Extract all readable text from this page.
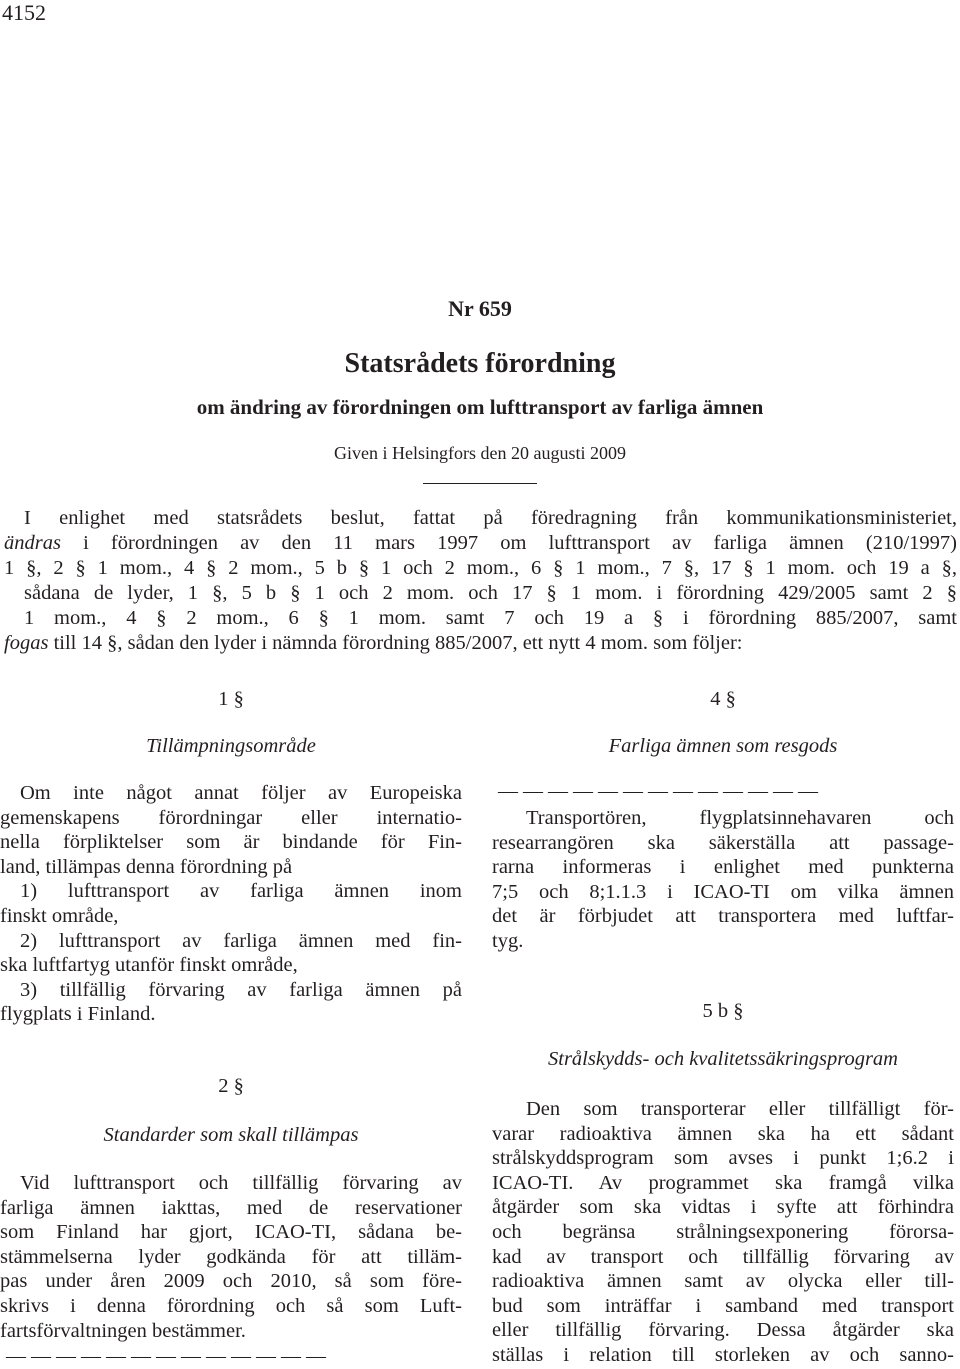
4152
Nr 659
Statsrådets förordning
om ändring av förordningen om lufttransport av farliga ämnen
Given i Helsingfors den 20 augusti 2009
I enlighet med statsrådets beslut, fattat på föredragning från kommunikationsministeriet,
ändras i förordningen av den 11 mars 1997 om lufttransport av farliga ämnen (210/1997)
1 §, 2 § 1 mom., 4 § 2 mom., 5 b § 1 och 2 mom., 6 § 1 mom., 7 §, 17 § 1 mom. och 19 a §,
sådana de lyder, 1 §, 5 b § 1 och 2 mom. och 17 § 1 mom. i förordning 429/2005 samt 2 §
1 mom., 4 § 2 mom., 6 § 1 mom. samt 7 och 19 a § i förordning 885/2007, samt
fogas till 14 §, sådan den lyder i nämnda förordning 885/2007, ett nytt 4 mom. som följer:
1 §
Tillämpningsområde
Om inte något annat följer av Europeiska
gemenskapens förordningar eller internatio-
nella förpliktelser som är bindande för Fin-
land, tillämpas denna förordning på
1) lufttransport av farliga ämnen inom
finskt område,
2) lufttransport av farliga ämnen med fin-
ska luftfartyg utanför finskt område,
3) tillfällig förvaring av farliga ämnen på
flygplats i Finland.
2 §
Standarder som skall tillämpas
Vid lufttransport och tillfällig förvaring av
farliga ämnen iakttas, med de reservationer
som Finland har gjort, ICAO-TI, sådana be-
stämmelserna lyder godkända för att tilläm-
pas under åren 2009 och 2010, så som före-
skrivs i denna förordning och så som Luft-
fartsförvaltningen bestämmer.
— — — — — — — — — — — — —
4 §
Farliga ämnen som resgods
— — — — — — — — — — — — —
Transportören, flygplatsinnehavaren och
researrangören ska säkerställa att passage-
rarna informeras i enlighet med punkterna
7;5 och 8;1.1.3 i ICAO-TI om vilka ämnen
det är förbjudet att transportera med luftfar-
tyg.
5 b §
Strålskydds- och kvalitetssäkringsprogram
Den som transporterar eller tillfälligt för-
varar radioaktiva ämnen ska ha ett sådant
strålskyddsprogram som avses i punkt 1;6.2 i
ICAO-TI. Av programmet ska framgå vilka
åtgärder som ska vidtas i syfte att förhindra
och begränsa strålningsexponering förorsa-
kad av transport och tillfällig förvaring av
radioaktiva ämnen samt av olycka eller till-
bud som inträffar i samband med transport
eller tillfällig förvaring. Dessa åtgärder ska
ställas i relation till storleken av och sanno-
